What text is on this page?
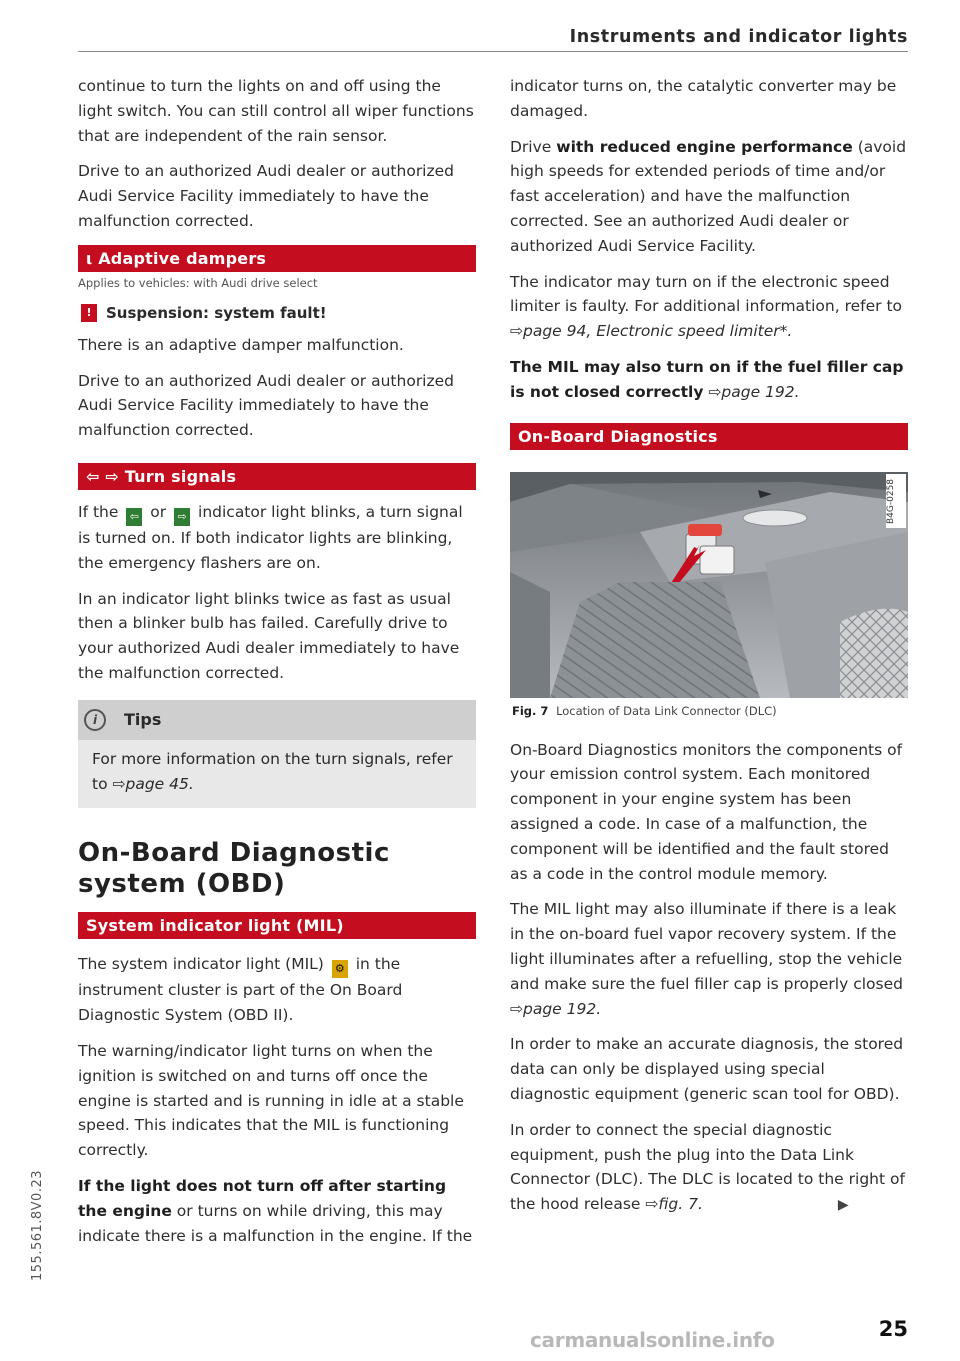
Instruments and indicator lights

continue to turn the lights on and off using the light switch. You can still control all wiper functions that are independent of the rain sensor.

Drive to an authorized Audi dealer or authorized Audi Service Facility immediately to have the malfunction corrected.

⍳ Adaptive dampers
Applies to vehicles: with Audi drive select
! Suspension: system fault!

There is an adaptive damper malfunction.

Drive to an authorized Audi dealer or authorized Audi Service Facility immediately to have the malfunction corrected.

⇦ ⇨ Turn signals

If the ⇦ or ⇨ indicator light blinks, a turn signal is turned on. If both indicator lights are blinking, the emergency flashers are on.

In an indicator light blinks twice as fast as usual then a blinker bulb has failed. Carefully drive to your authorized Audi dealer immediately to have the malfunction corrected.

i	Tips
For more information on the turn signals, refer to ⇨page 45.
On-Board Diagnostic system (OBD)
System indicator light (MIL)

The system indicator light (MIL) ⚙ in the instrument cluster is part of the On Board Diagnostic System (OBD II).

The warning/indicator light turns on when the ignition is switched on and turns off once the engine is started and is running in idle at a stable speed. This indicates that the MIL is functioning correctly.

If the light does not turn off after starting the engine or turns on while driving, this may indicate there is a malfunction in the engine. If the

indicator turns on, the catalytic converter may be damaged.

Drive with reduced engine performance (avoid high speeds for extended periods of time and/or fast acceleration) and have the malfunction corrected. See an authorized Audi dealer or authorized Audi Service Facility.

The indicator may turn on if the electronic speed limiter is faulty. For additional information, refer to ⇨page 94, Electronic speed limiter*.

The MIL may also turn on if the fuel filler cap is not closed correctly ⇨page 192.

On-Board Diagnostics
B4G-0258
Fig. 7 Location of Data Link Connector (DLC)

On-Board Diagnostics monitors the components of your emission control system. Each monitored component in your engine system has been assigned a code. In case of a malfunction, the component will be identified and the fault stored as a code in the control module memory.

The MIL light may also illuminate if there is a leak in the on-board fuel vapor recovery system. If the light illuminates after a refuelling, stop the vehicle and make sure the fuel filler cap is properly closed ⇨page 192.

In order to make an accurate diagnosis, the stored data can only be displayed using special diagnostic equipment (generic scan tool for OBD).

In order to connect the special diagnostic equipment, push the plug into the Data Link Connector (DLC). The DLC is located to the right of the hood release ⇨fig. 7.	▶

155.561.8V0.23
25
carmanualsonline.info
